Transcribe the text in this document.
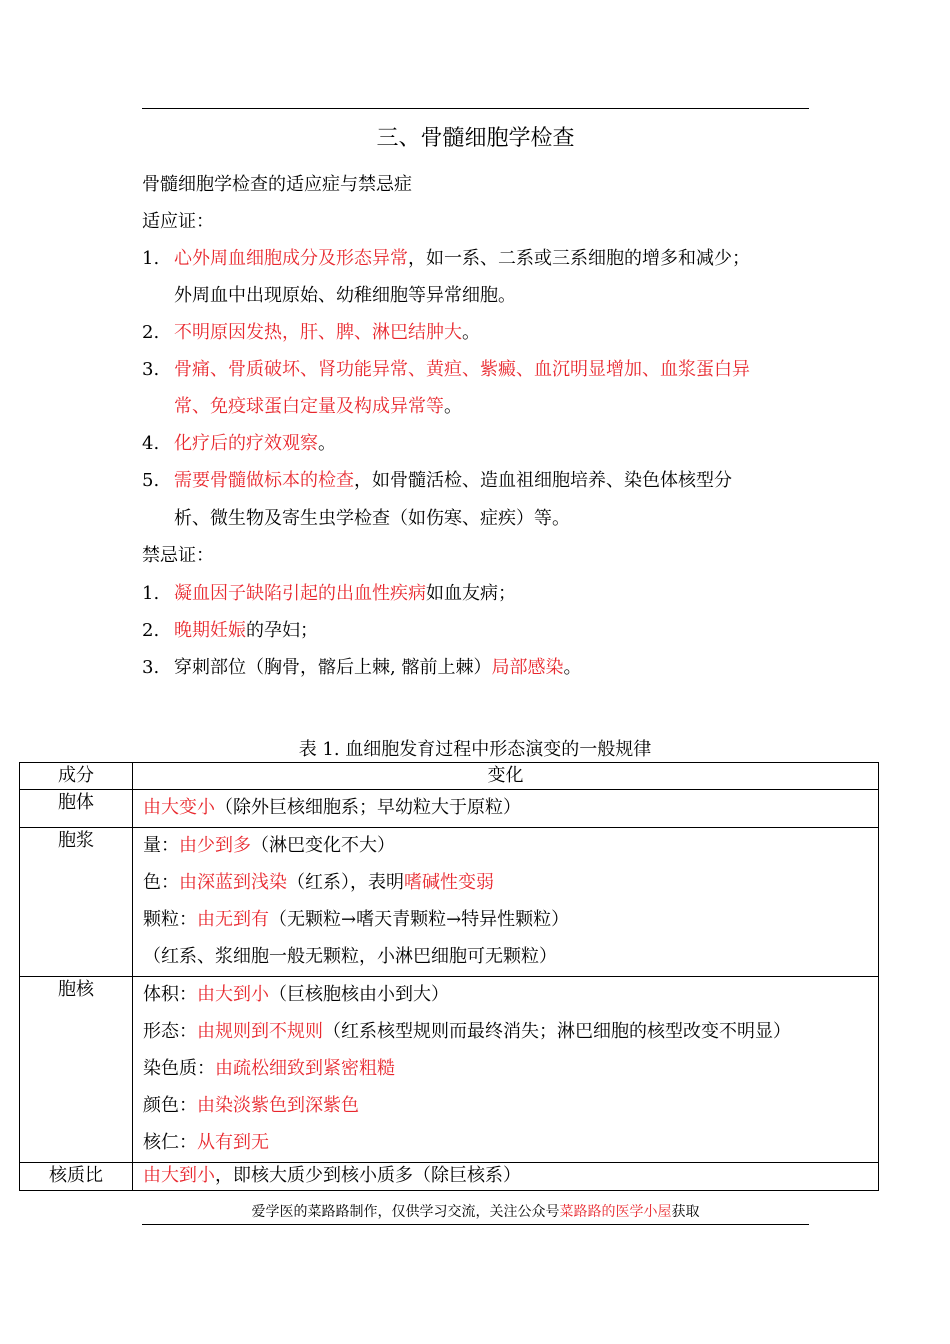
三、骨髓细胞学检查
骨髓细胞学检查的适应症与禁忌症
适应证：
1. 心外周血细胞成分及形态异常，如一系、二系或三系细胞的增多和减少；
外周血中出现原始、幼稚细胞等异常细胞。
2. 不明原因发热，肝、脾、淋巴结肿大。
3. 骨痛、骨质破坏、肾功能异常、黄疸、紫癜、血沉明显增加、血浆蛋白异
常、免疫球蛋白定量及构成异常等。
4. 化疗后的疗效观察。
5. 需要骨髓做标本的检查，如骨髓活检、造血祖细胞培养、染色体核型分
析、微生物及寄生虫学检查（如伤寒、症疾）等。
禁忌证：
1. 凝血因子缺陷引起的出血性疾病如血友病；
2. 晚期妊娠的孕妇；
3. 穿刺部位（胸骨，髂后上棘, 髂前上棘）局部感染。
表 1. 血细胞发育过程中形态演变的一般规律
成分	变化
胞体	由大变小（除外巨核细胞系；早幼粒大于原粒）

胞浆	量：由少到多（淋巴变化不大）
色：由深蓝到浅染（红系），表明嗜碱性变弱
颗粒：由无到有（无颗粒→嗜天青颗粒→特异性颗粒）
（红系、浆细胞一般无颗粒，小淋巴细胞可无颗粒）

胞核	体积：由大到小（巨核胞核由小到大）
形态：由规则到不规则（红系核型规则而最终消失；淋巴细胞的核型改变不明显）
染色质：由疏松细致到紧密粗糙
颜色：由染淡紫色到深紫色
核仁：从有到无

核质比	由大到小，即核大质少到核小质多（除巨核系）
爱学医的菜路路制作，仅供学习交流，关注公众号菜路路的医学小屋获取
